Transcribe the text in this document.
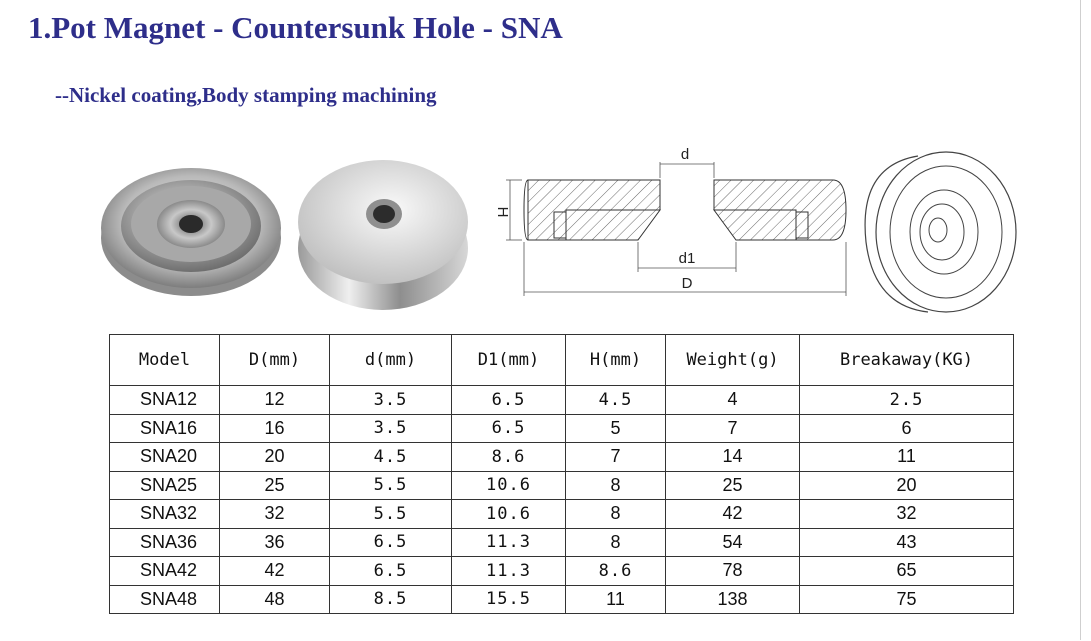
1.Pot Magnet - Countersunk Hole - SNA
--Nickel coating,Body stamping machining
d
H
d1
D
Model	D(mm)	d(mm)	D1(mm)	H(mm)	Weight(g)	Breakaway(KG)
SNA12	12	3.5	6.5	4.5	4	2.5
SNA16	16	3.5	6.5	5	7	6
SNA20	20	4.5	8.6	7	14	11
SNA25	25	5.5	10.6	8	25	20
SNA32	32	5.5	10.6	8	42	32
SNA36	36	6.5	11.3	8	54	43
SNA42	42	6.5	11.3	8.6	78	65
SNA48	48	8.5	15.5	11	138	75
